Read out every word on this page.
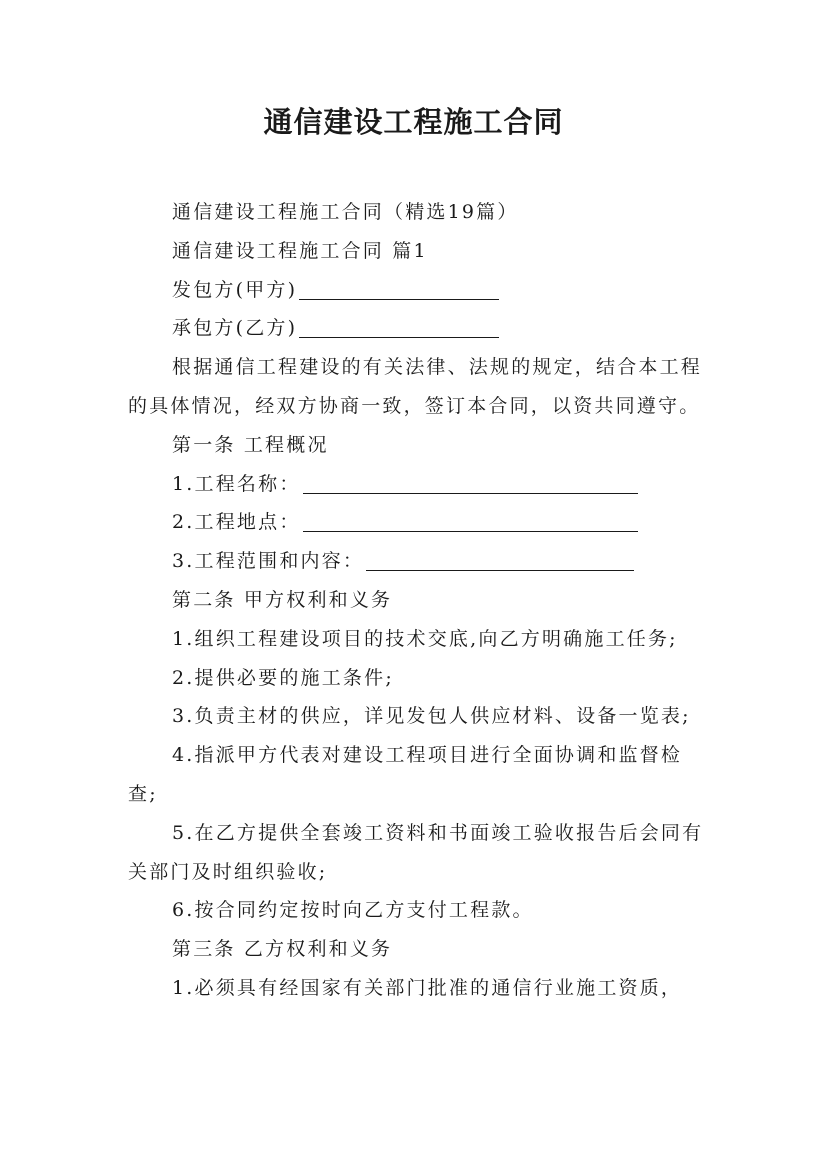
通信建设工程施工合同

通信建设工程施工合同（精选19篇）

通信建设工程施工合同 篇1

发包方(甲方)

承包方(乙方)

根据通信工程建设的有关法律、法规的规定，结合本工程的具体情况，经双方协商一致，签订本合同，以资共同遵守。

第一条 工程概况

1.工程名称：

2.工程地点：

3.工程范围和内容：

第二条 甲方权利和义务

1.组织工程建设项目的技术交底,向乙方明确施工任务;

2.提供必要的施工条件;

3.负责主材的供应，详见发包人供应材料、设备一览表;

4.指派甲方代表对建设工程项目进行全面协调和监督检查;

5.在乙方提供全套竣工资料和书面竣工验收报告后会同有关部门及时组织验收;

6.按合同约定按时向乙方支付工程款。

第三条 乙方权利和义务

1.必须具有经国家有关部门批准的通信行业施工资质，
